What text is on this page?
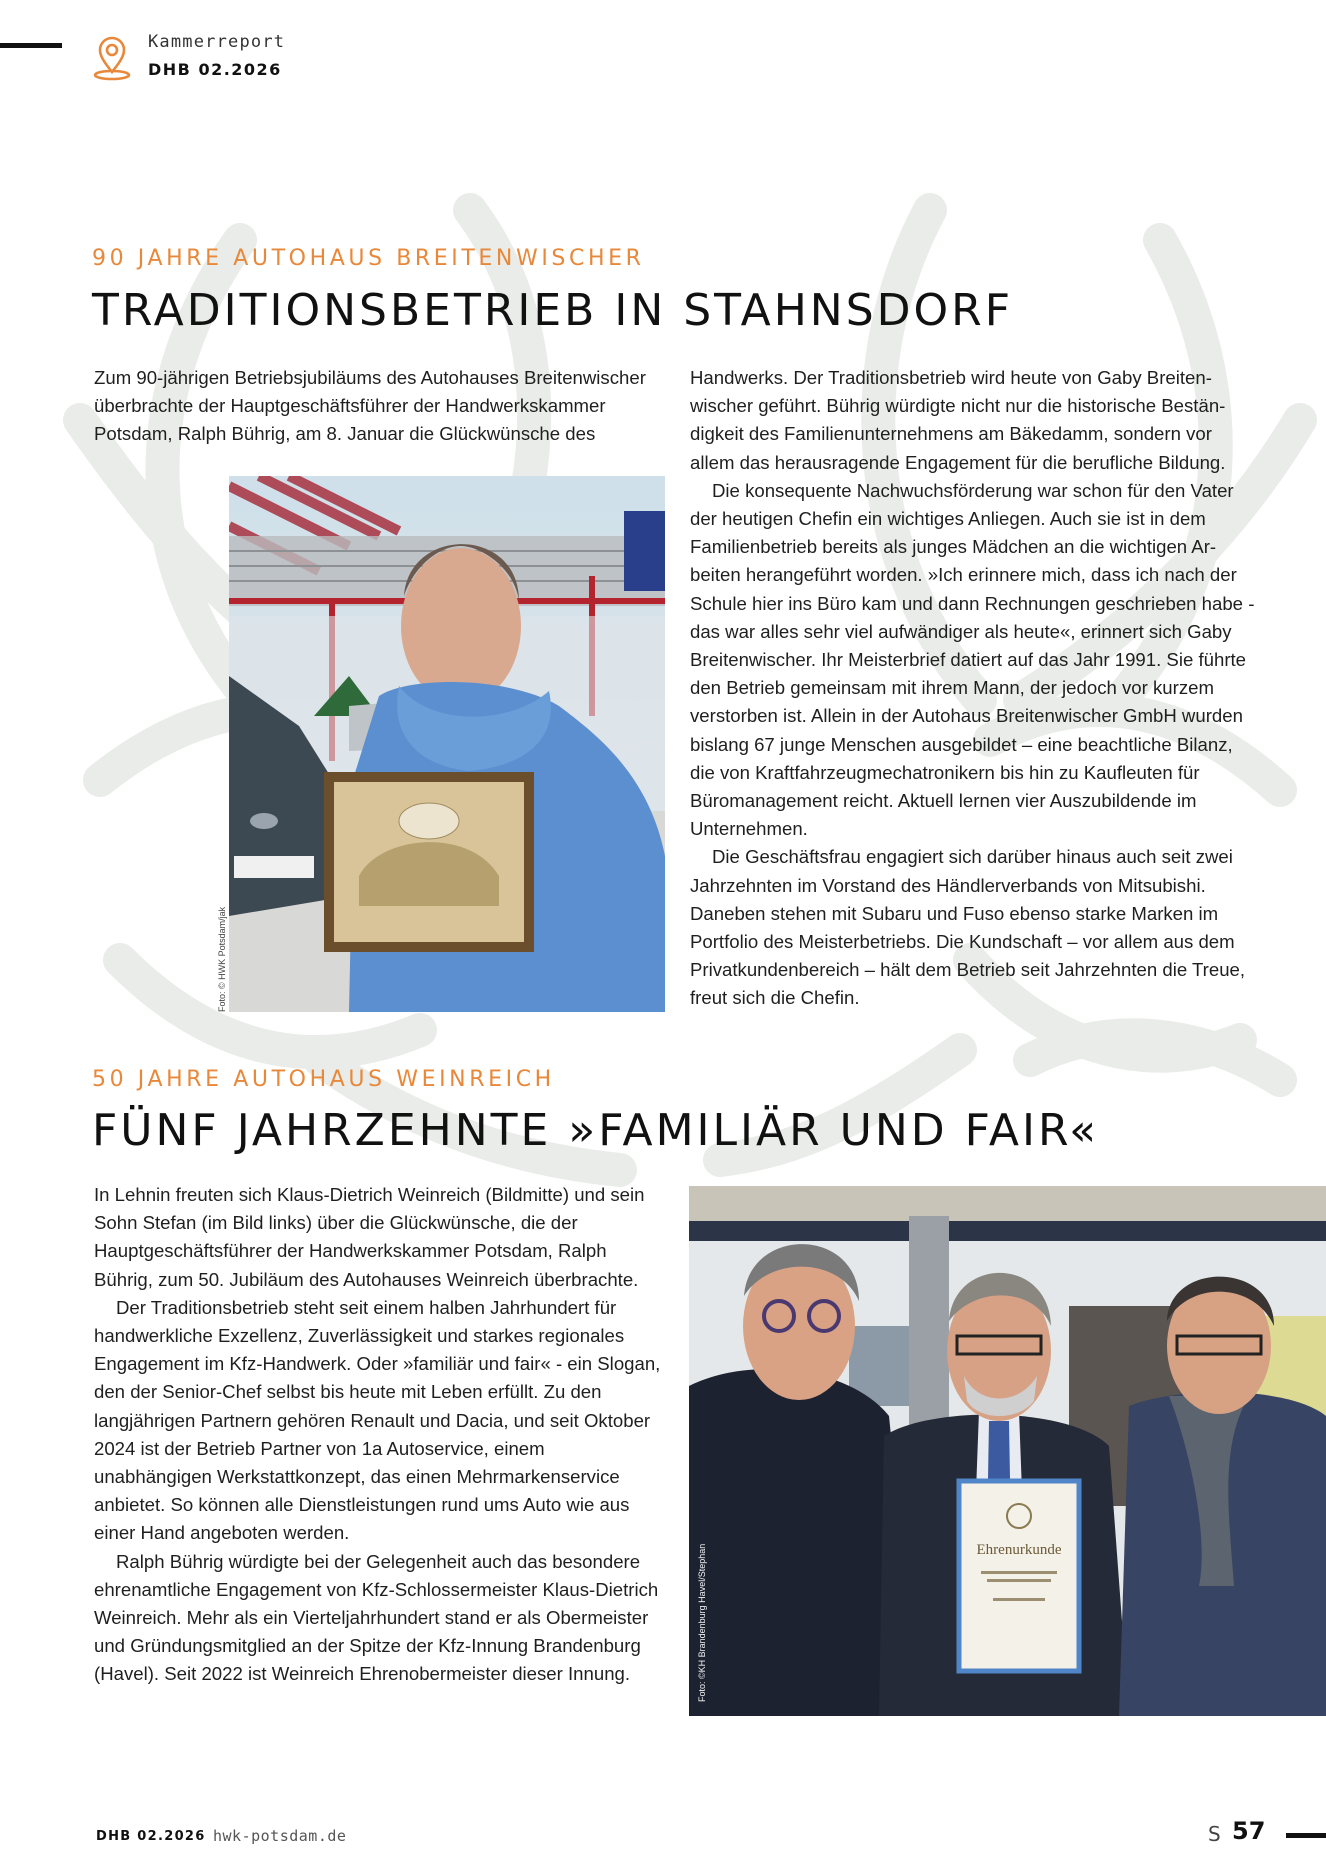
Kammerreport
DHB 02.2026
90 JAHRE AUTOHAUS BREITENWISCHER
TRADITIONSBETRIEB IN STAHNSDORF

Zum 90-jährigen Betriebsjubiläums des Autohauses Breitenwischer überbrachte der Hauptgeschäftsführer der Handwerkskammer Potsdam, Ralph Bührig, am 8. Januar die Glückwünsche des

Foto: © HWK Potsdam/jak

Handwerks. Der Traditionsbetrieb wird heute von Gaby Breitenwischer geführt. Bührig würdigte nicht nur die historische Beständigkeit des Familienunternehmens am Bäkedamm, sondern vor allem das herausragende Engagement für die berufliche Bildung.

Die konsequente Nachwuchsförderung war schon für den Vater der heutigen Chefin ein wichtiges Anliegen. Auch sie ist in dem Familienbetrieb bereits als junges Mädchen an die wichtigen Arbeiten herangeführt worden. »Ich erinnere mich, dass ich nach der Schule hier ins Büro kam und dann Rechnungen geschrieben habe - das war alles sehr viel aufwändiger als heute«, erinnert sich Gaby Breitenwischer. Ihr Meisterbrief datiert auf das Jahr 1991. Sie führte den Betrieb gemeinsam mit ihrem Mann, der jedoch vor kurzem verstorben ist. Allein in der Autohaus Breitenwischer GmbH wurden bislang 67 junge Menschen ausgebildet – eine beachtliche Bilanz, die von Kraftfahrzeugmechatronikern bis hin zu Kaufleuten für Büromanagement reicht. Aktuell lernen vier Auszubildende im Unternehmen.

Die Geschäftsfrau engagiert sich darüber hinaus auch seit zwei Jahrzehnten im Vorstand des Händlerverbands von Mitsubishi. Daneben stehen mit Subaru und Fuso ebenso starke Marken im Portfolio des Meisterbetriebs. Die Kundschaft – vor allem aus dem Privatkundenbereich – hält dem Betrieb seit Jahrzehnten die Treue, freut sich die Chefin.

50 JAHRE AUTOHAUS WEINREICH
FÜNF JAHRZEHNTE »FAMILIÄR UND FAIR«

In Lehnin freuten sich Klaus-Dietrich Weinreich (Bildmitte) und sein Sohn Stefan (im Bild links) über die Glückwünsche, die der Hauptgeschäftsführer der Handwerkskammer Potsdam, Ralph Bührig, zum 50. Jubiläum des Autohauses Weinreich überbrachte.

Der Traditionsbetrieb steht seit einem halben Jahrhundert für handwerkliche Exzellenz, Zuverlässigkeit und starkes regionales Engagement im Kfz-Handwerk. Oder »familiär und fair« - ein Slogan, den der Senior-Chef selbst bis heute mit Leben erfüllt. Zu den langjährigen Partnern gehören Renault und Dacia, und seit Oktober 2024 ist der Betrieb Partner von 1a Autoservice, einem unabhängigen Werkstattkonzept, das einen Mehrmarkenservice anbietet. So können alle Dienstleistungen rund ums Auto wie aus einer Hand angeboten werden.

Ralph Bührig würdigte bei der Gelegenheit auch das besondere ehrenamtliche Engagement von Kfz-Schlossermeister Klaus-Dietrich Weinreich. Mehr als ein Vierteljahrhundert stand er als Obermeister und Gründungsmitglied an der Spitze der Kfz-Innung Brandenburg (Havel). Seit 2022 ist Weinreich Ehrenobermeister dieser Innung.

Ehrenurkunde
Foto: ©KH Brandenburg Havel/Stephan
DHB 02.2026 hwk-potsdam.de	S 57
